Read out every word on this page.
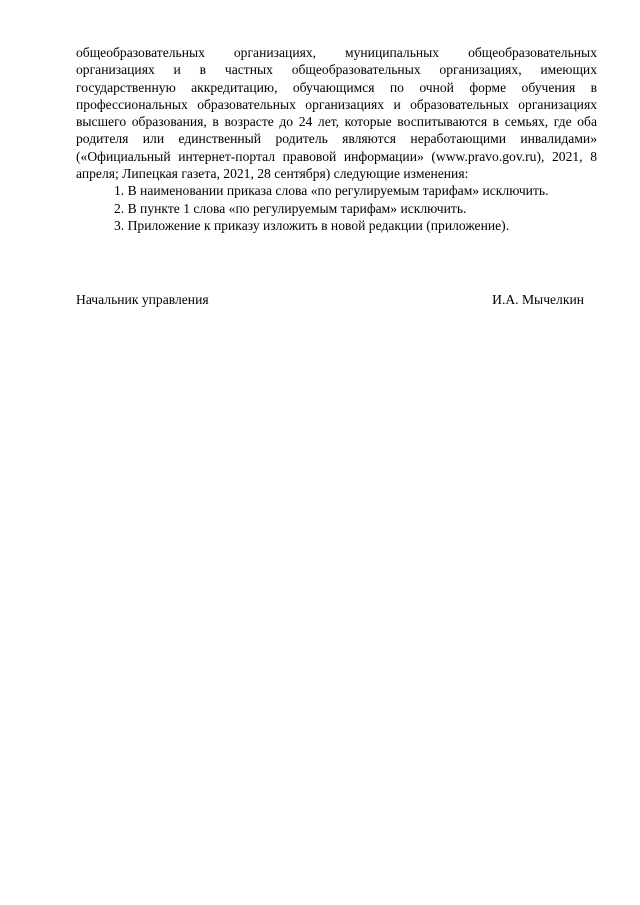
общеобразовательных организациях, муниципальных общеобразовательных организациях и в частных общеобразовательных организациях, имеющих государственную аккредитацию, обучающимся по очной форме обучения в профессиональных образовательных организациях и образовательных организациях высшего образования, в возрасте до 24 лет, которые воспитываются в семьях, где оба родителя или единственный родитель являются неработающими инвалидами» («Официальный интернет-портал правовой информации» (www.pravo.gov.ru), 2021, 8 апреля; Липецкая газета, 2021, 28 сентября) следующие изменения:

1. В наименовании приказа слова «по регулируемым тарифам» исключить.

2. В пункте 1 слова «по регулируемым тарифам» исключить.

3. Приложение к приказу изложить в новой редакции (приложение).

Начальник управления	И.А. Мычелкин
